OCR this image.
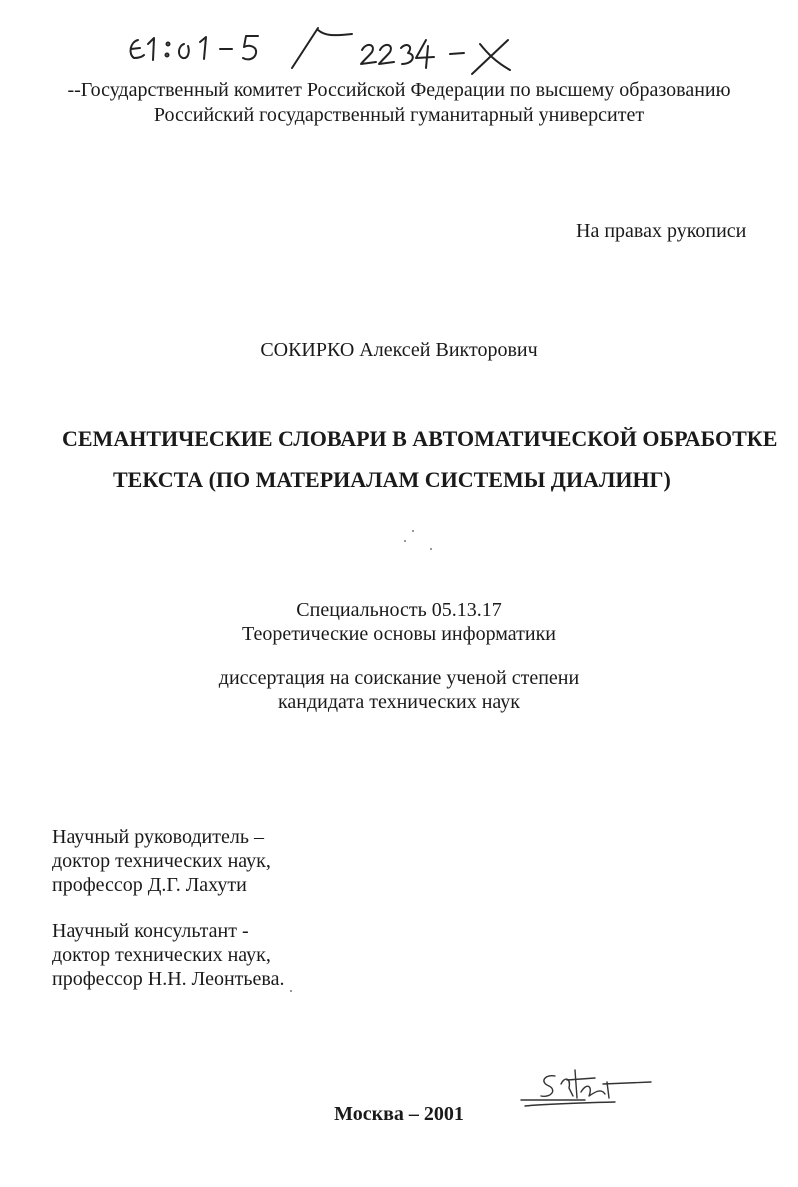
--Государственный комитет Российской Федерации по высшему образованию
Российский государственный гуманитарный университет
На правах рукописи
СОКИРКО Алексей Викторович
СЕМАНТИЧЕСКИЕ СЛОВАРИ В АВТОМАТИЧЕСКОЙ ОБРАБОТКЕ
ТЕКСТА (ПО МАТЕРИАЛАМ СИСТЕМЫ ДИАЛИНГ)
Специальность 05.13.17
Теоретические основы информатики
диссертация на соискание ученой степени
кандидата технических наук
Научный руководитель –
доктор технических наук,
профессор Д.Г. Лахути
Научный консультант -
доктор технических наук,
профессор Н.Н. Леонтьева.
Москва – 2001
